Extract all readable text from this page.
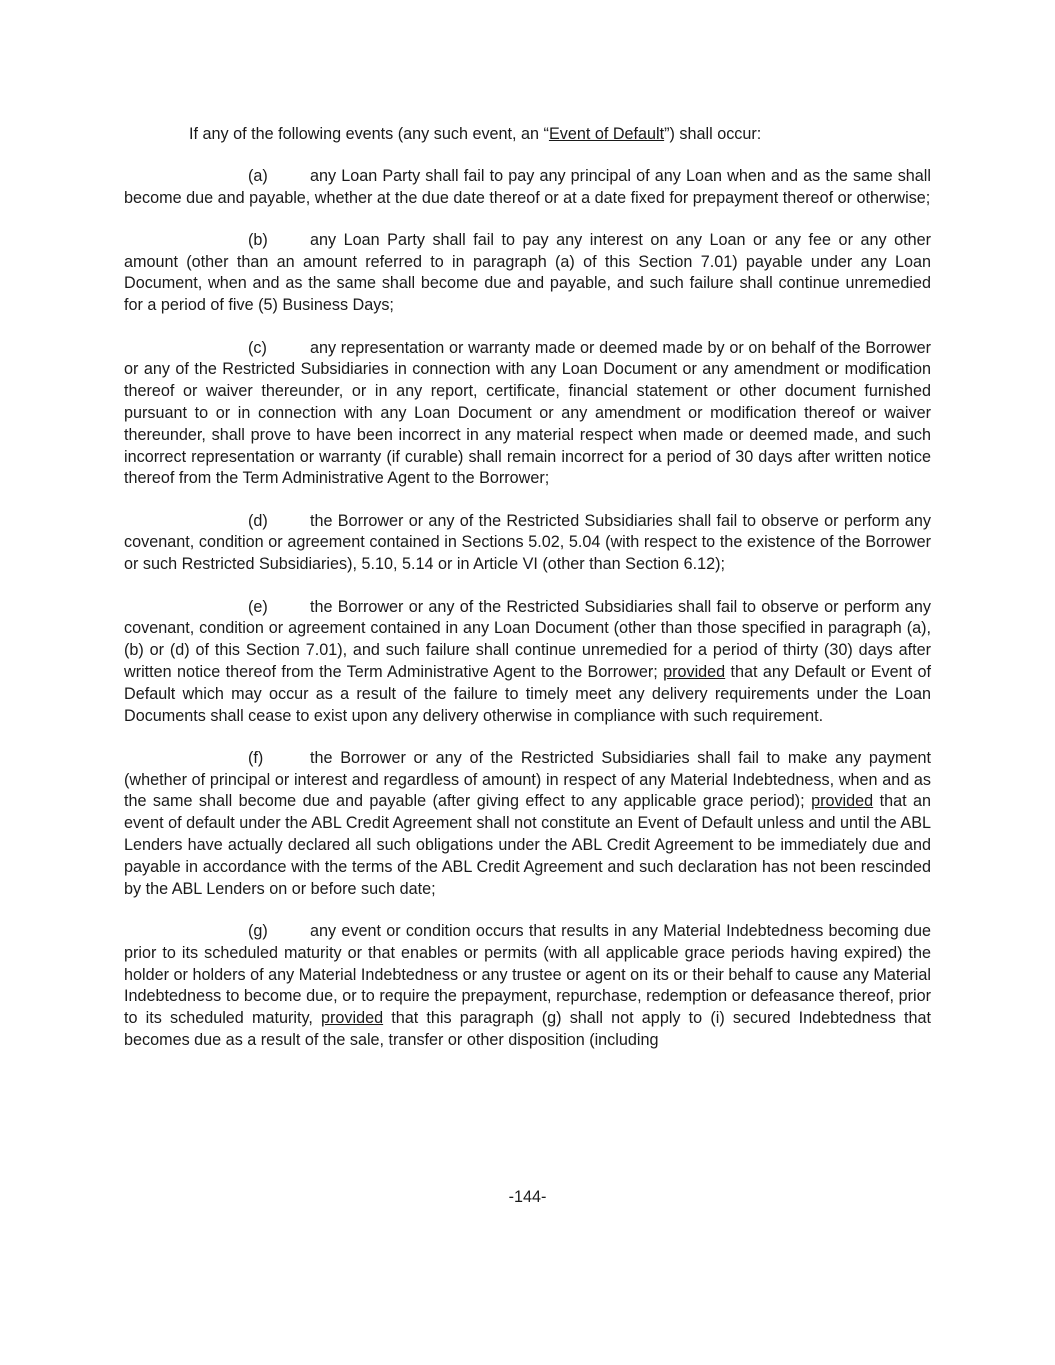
If any of the following events (any such event, an “Event of Default”) shall occur:

(a)	any Loan Party shall fail to pay any principal of any Loan when and as the same shall become due and payable, whether at the due date thereof or at a date fixed for prepayment thereof or otherwise;

(b)	any Loan Party shall fail to pay any interest on any Loan or any fee or any other amount (other than an amount referred to in paragraph (a) of this Section 7.01) payable under any Loan Document, when and as the same shall become due and payable, and such failure shall continue unremedied for a period of five (5) Business Days;

(c)	any representation or warranty made or deemed made by or on behalf of the Borrower or any of the Restricted Subsidiaries in connection with any Loan Document or any amendment or modification thereof or waiver thereunder, or in any report, certificate, financial statement or other document furnished pursuant to or in connection with any Loan Document or any amendment or modification thereof or waiver thereunder, shall prove to have been incorrect in any material respect when made or deemed made, and such incorrect representation or warranty (if curable) shall remain incorrect for a period of 30 days after written notice thereof from the Term Administrative Agent to the Borrower;

(d)	the Borrower or any of the Restricted Subsidiaries shall fail to observe or perform any covenant, condition or agreement contained in Sections 5.02, 5.04 (with respect to the existence of the Borrower or such Restricted Subsidiaries), 5.10, 5.14 or in Article VI (other than Section 6.12);

(e)	the Borrower or any of the Restricted Subsidiaries shall fail to observe or perform any covenant, condition or agreement contained in any Loan Document (other than those specified in paragraph (a), (b) or (d) of this Section 7.01), and such failure shall continue unremedied for a period of thirty (30) days after written notice thereof from the Term Administrative Agent to the Borrower; provided that any Default or Event of Default which may occur as a result of the failure to timely meet any delivery requirements under the Loan Documents shall cease to exist upon any delivery otherwise in compliance with such requirement.

(f)	the Borrower or any of the Restricted Subsidiaries shall fail to make any payment (whether of principal or interest and regardless of amount) in respect of any Material Indebtedness, when and as the same shall become due and payable (after giving effect to any applicable grace period); provided that an event of default under the ABL Credit Agreement shall not constitute an Event of Default unless and until the ABL Lenders have actually declared all such obligations under the ABL Credit Agreement to be immediately due and payable in accordance with the terms of the ABL Credit Agreement and such declaration has not been rescinded by the ABL Lenders on or before such date;

(g)	any event or condition occurs that results in any Material Indebtedness becoming due prior to its scheduled maturity or that enables or permits (with all applicable grace periods having expired) the holder or holders of any Material Indebtedness or any trustee or agent on its or their behalf to cause any Material Indebtedness to become due, or to require the prepayment, repurchase, redemption or defeasance thereof, prior to its scheduled maturity, provided that this paragraph (g) shall not apply to (i) secured Indebtedness that becomes due as a result of the sale, transfer or other disposition (including

-144-
